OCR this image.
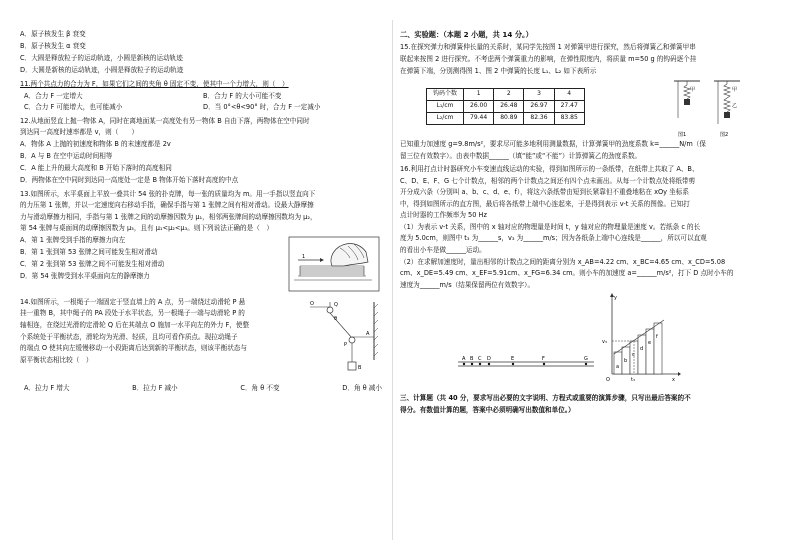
A．原子核发生 β 衰变

B．原子核发生 α 衰变

C．大圆是释放粒子的运动轨迹，小圆是新核的运动轨迹

D．大圆是新核的运动轨迹，小圆是释放粒子的运动轨迹

11.两个共点力的合力为 F，如果它们之间的夹角 θ 固定不变，使其中一个力增大，则（　）

A．合力 F 一定增大	B．合力 F 的大小可能不变
C．合力 F 可能增大，也可能减小	D．当 0°<θ<90° 时，合力 F 一定减小

12.从地面竖直上抛一物体 A，同时在离地面某一高度处有另一物体 B 自由下落，两物体在空中同时

到达同一高度时速率都是 v，则（　　）

A．物体 A 上抛的初速度和物体 B 的末速度都是 2v

B．A 与 B 在空中运动时间相等

C．A 能上升的最大高度和 B 开始下落时的高度相同

D．两物体在空中同时到达同一高度处一定是 B 物体开始下落时高度的中点

13.如图所示，水平桌面上平放一叠共计 54 张的扑克牌，每一张的质量均为 m。用一手指以竖直向下

的力压第 1 张牌，并以一定速度向右移动手指，确保手指与第 1 张牌之间有相对滑动。设最大静摩擦

力与滑动摩擦力相同，手指与第 1 张牌之间的动摩擦因数为 μ₁，相邻两张牌间的动摩擦因数均为 μ₂，

第 54 张牌与桌面间的动摩擦因数为 μ₃，且有 μ₁<μ₂<μ₃。则下列说法正确的是（　）

A．第 1 张牌受到手指的摩擦力向左

B．第 1 张到第 53 张牌之间可能发生相对滑动

C．第 2 张到第 53 张牌之间不可能发生相对滑动

D．第 54 张牌受到水平桌面向左的静摩擦力

1

14.如图所示，一根绳子一端固定于竖直墙上的 A 点，另一端绕过动滑轮 P 悬

挂一重物 B，其中绳子的 PA 段处于水平状态，另一根绳子一端与动滑轮 P 的

轴相连，在绕过光滑的定滑轮 Q 后在其端点 O 施加一水平向左的外力 F，使整

个系统处于平衡状态，滑轮均为光滑、轻质，且均可看作质点。现拉动绳子

的端点 O 使其向左缓慢移动一小段距离后达到新的平衡状态，则该平衡状态与

原平衡状态相比较（　）

O	Q
θ
P
A
B
A．拉力 F 增大	B．拉力 F 减小	C．角 θ 不变	D．角 θ 减小

二、实验题：（本题 2 小题，共 14 分。）

15.在探究弹力和弹簧伸长量的关系时，某同学先按图 1 对弹簧甲进行探究，然后将弹簧乙和弹簧甲串

联起来按图 2 进行探究。不考虑两个弹簧重力的影响，在弹性限度内，将质量 m=50 g 的钩码逐个挂

在弹簧下端，分别测得图 1、图 2 中弹簧的长度 L₁、L₂ 如下表所示

钩码个数	1	2	3	4
L₁/cm	26.00	26.48	26.97	27.47
L₂/cm	79.44	80.89	82.36	83.85
甲	甲
乙
图1	图2

已知重力加速度 g=9.8m/s²，要求尽可能多地利用测量数据，计算弹簧甲的劲度系数 k=______N/m（保

留三位有效数字）。由表中数据______（填“能”或“不能”）计算弹簧乙的劲度系数。

16.利用打点计时器研究小车变速直线运动的实验，得到如图所示的一条纸带，在纸带上共取了 A、B、

C、D、E、F、G 七个计数点，相邻的两个计数点之间还有四个点未画出。从每一个计数点处将纸带剪

开分成六条（分别叫 a、b、c、d、e、f），将这六条纸带由短到长紧靠但不重叠地粘在 xOy 坐标系

中，得到如图所示的直方图，最后将各纸带上端中心连起来，于是得到表示 v-t 关系的图像。已知打

点计时器的工作频率为 50 Hz

（1）为表示 v-t 关系，图中的 x 轴对应的物理量是时间 t，y 轴对应的物理量是速度 v。若纸条 c 的长

度为 5.0cm，则图中 t₃ 为______s，v₃ 为______m/s；因为各纸条上端中心连线是______，所以可以直观

的看出小车是做______运动。

（2）在求解加速度时，量出相邻的计数点之间的距离分别为 x_AB=4.22 cm、x_BC=4.65 cm、x_CD=5.08

cm、x_DE=5.49 cm、x_EF=5.91cm、x_FG=6.34 cm。则小车的加速度 a=______m/s²，打下 D 点时小车的

速度为______m/s（结果保留两位有效数字）。

A B C D	E	F	G
y
v₃
a
b
c
d
e
f
O	t₃	x

三、计算题（共 40 分，要求写出必要的文字说明、方程式或重要的演算步骤，只写出最后答案的不

得分。有数值计算的题，答案中必须明确写出数值和单位。）
